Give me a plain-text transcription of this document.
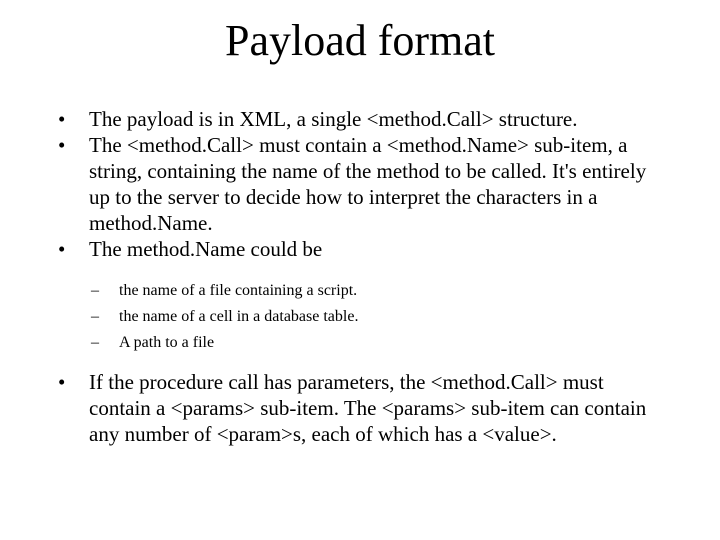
Payload format
•	The payload is in XML, a single <method.Call> structure.
•	The <method.Call> must contain a <method.Name> sub-item, a string, containing the name of the method to be called. It's entirely up to the server to decide how to interpret the characters in a method.Name.
•	The method.Name could be
– the name of a file containing a script.
– the name of a cell in a database table.
– A path to a file
•	If the procedure call has parameters, the <method.Call> must contain a <params> sub-item. The <params> sub-item can contain any number of <param>s, each of which has a <value>.
